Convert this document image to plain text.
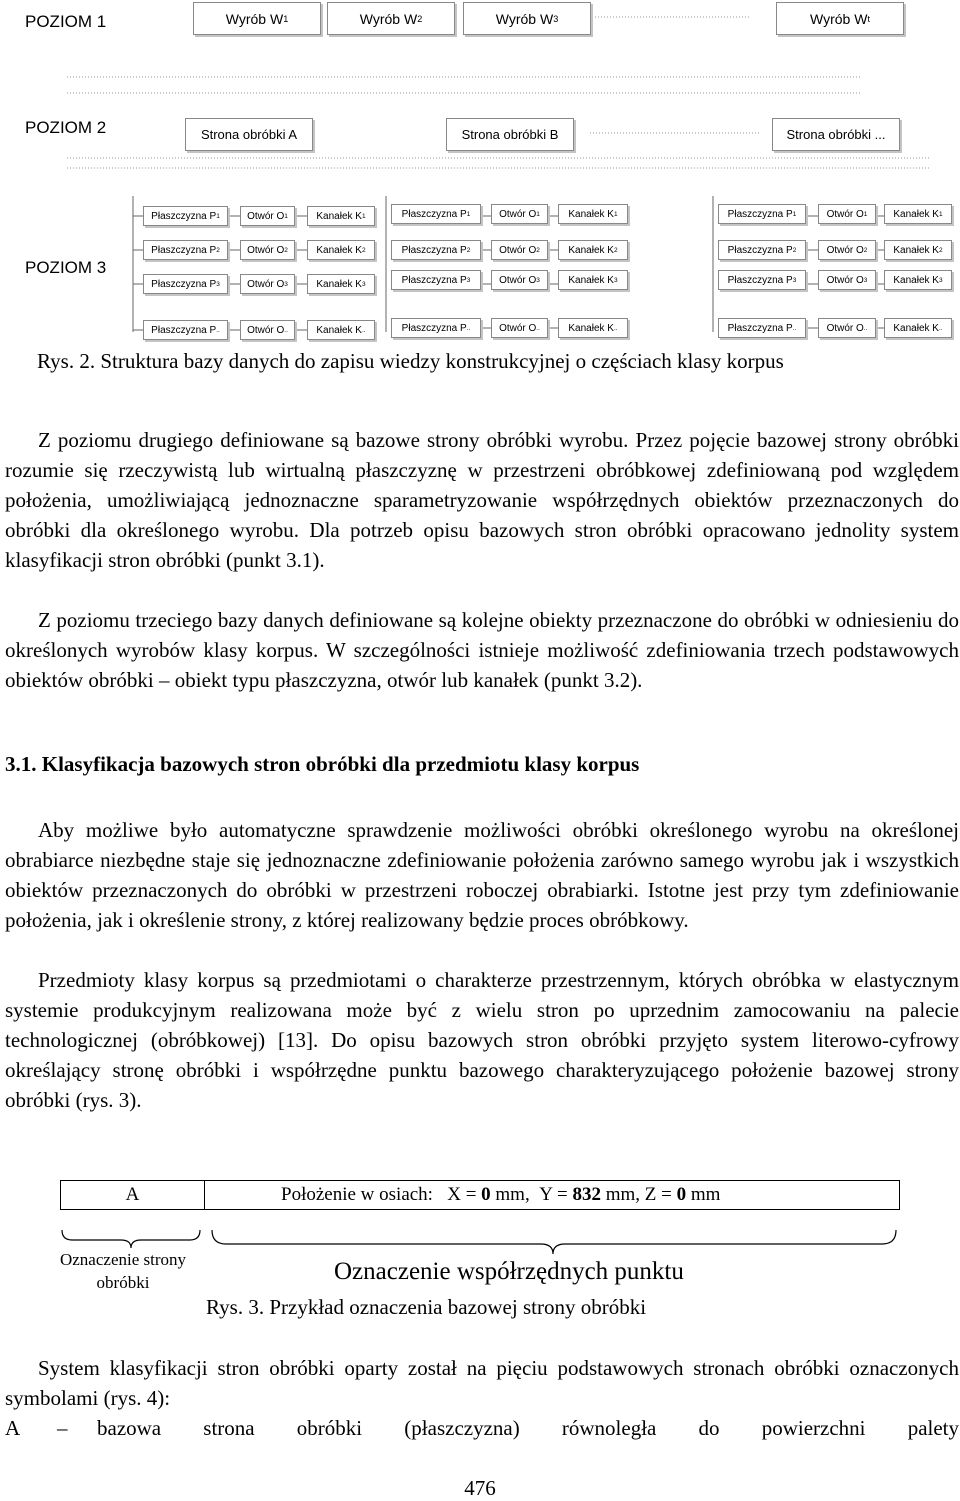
POZIOM 1
POZIOM 2
POZIOM 3
Wyrób W 1	Wyrób W 2	Wyrób W 3	Wyrób W t
Strona obróbki A	Strona obróbki B	Strona obróbki ...
Płaszczyzna P 1	Otwór O 1	Kanałek K 1
Płaszczyzna P 2	Otwór O 2	Kanałek K 2
Płaszczyzna P 3	Otwór O 3	Kanałek K 3
Płaszczyzna P ..	Otwór O ..	Kanałek K ..
Płaszczyzna P 1	Otwór O 1	Kanałek K 1
Płaszczyzna P 2	Otwór O 2	Kanałek K 2
Płaszczyzna P 3	Otwór O 3	Kanałek K 3
Płaszczyzna P ..	Otwór O ..	Kanałek K ..
Płaszczyzna P 1	Otwór O 1	Kanałek K 1
Płaszczyzna P 2	Otwór O 2	Kanałek K 2
Płaszczyzna P 3	Otwór O 3	Kanałek K 3
Płaszczyzna P ..	Otwór O ..	Kanałek K ..
Rys. 2. Struktura bazy danych do zapisu wiedzy konstrukcyjnej o częściach klasy korpus

Z poziomu drugiego definiowane są bazowe strony obróbki wyrobu. Przez pojęcie bazowej strony obróbki rozumie się rzeczywistą lub wirtualną płaszczyznę w przestrzeni obróbkowej zdefiniowaną pod względem położenia, umożliwiającą jednoznaczne sparametryzowanie współrzędnych obiektów przeznaczonych do obróbki dla określonego wyrobu. Dla potrzeb opisu bazowych stron obróbki opracowano jednolity system klasyfikacji stron obróbki (punkt 3.1).

Z poziomu trzeciego bazy danych definiowane są kolejne obiekty przeznaczone do obróbki w odniesieniu do określonych wyrobów klasy korpus. W szczególności istnieje możliwość zdefiniowania trzech podstawowych obiektów obróbki – obiekt typu płaszczyzna, otwór lub kanałek (punkt 3.2).

3.1. Klasyfikacja bazowych stron obróbki dla przedmiotu klasy korpus

Aby możliwe było automatyczne sprawdzenie możliwości obróbki określonego wyrobu na określonej obrabiarce niezbędne staje się jednoznaczne zdefiniowanie położenia zarówno samego wyrobu jak i wszystkich obiektów przeznaczonych do obróbki w przestrzeni roboczej obrabiarki. Istotne jest przy tym zdefiniowanie położenia, jak i określenie strony, z której realizowany będzie proces obróbkowy.

Przedmioty klasy korpus są przedmiotami o charakterze przestrzennym, których obróbka w elastycznym systemie produkcyjnym realizowana może być z wielu stron po uprzednim zamocowaniu na palecie technologicznej (obróbkowej) [13]. Do opisu bazowych stron obróbki przyjęto system literowo-cyfrowy określający stronę obróbki i współrzędne punktu bazowego charakteryzującego położenie bazowej strony obróbki (rys. 3).

A	Położenie w osiach: X = 0 mm, Y = 832 mm, Z = 0 mm
Oznaczenie strony obróbki	Oznaczenie współrzędnych punktu
Rys. 3. Przykład oznaczenia bazowej strony obróbki

System klasyfikacji stron obróbki oparty został na pięciu podstawowych stronach obróbki oznaczonych symbolami (rys. 4):

A	–	bazowa strona obróbki (płaszczyzna) równoległa do powierzchni palety
476
